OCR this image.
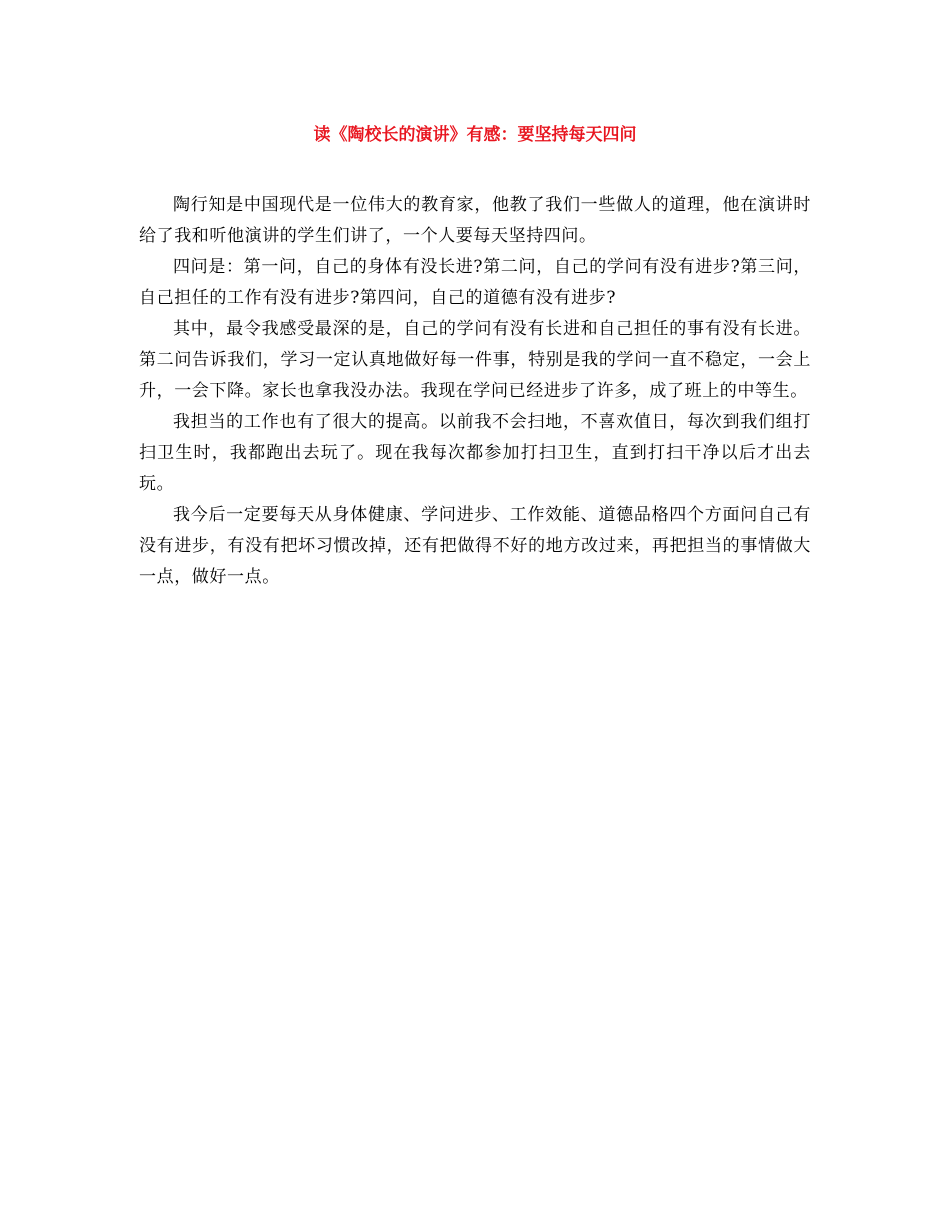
读《陶校长的演讲》有感：要坚持每天四问

陶行知是中国现代是一位伟大的教育家，他教了我们一些做人的道理，他在演讲时给了我和听他演讲的学生们讲了，一个人要每天坚持四问。

四问是：第一问，自己的身体有没长进?第二问，自己的学问有没有进步?第三问，自己担任的工作有没有进步?第四问，自己的道德有没有进步?

其中，最令我感受最深的是，自己的学问有没有长进和自己担任的事有没有长进。第二问告诉我们，学习一定认真地做好每一件事，特别是我的学问一直不稳定，一会上升，一会下降。家长也拿我没办法。我现在学问已经进步了许多，成了班上的中等生。

我担当的工作也有了很大的提高。以前我不会扫地，不喜欢值日，每次到我们组打扫卫生时，我都跑出去玩了。现在我每次都参加打扫卫生，直到打扫干净以后才出去玩。

我今后一定要每天从身体健康、学问进步、工作效能、道德品格四个方面问自己有没有进步，有没有把坏习惯改掉，还有把做得不好的地方改过来，再把担当的事情做大一点，做好一点。
